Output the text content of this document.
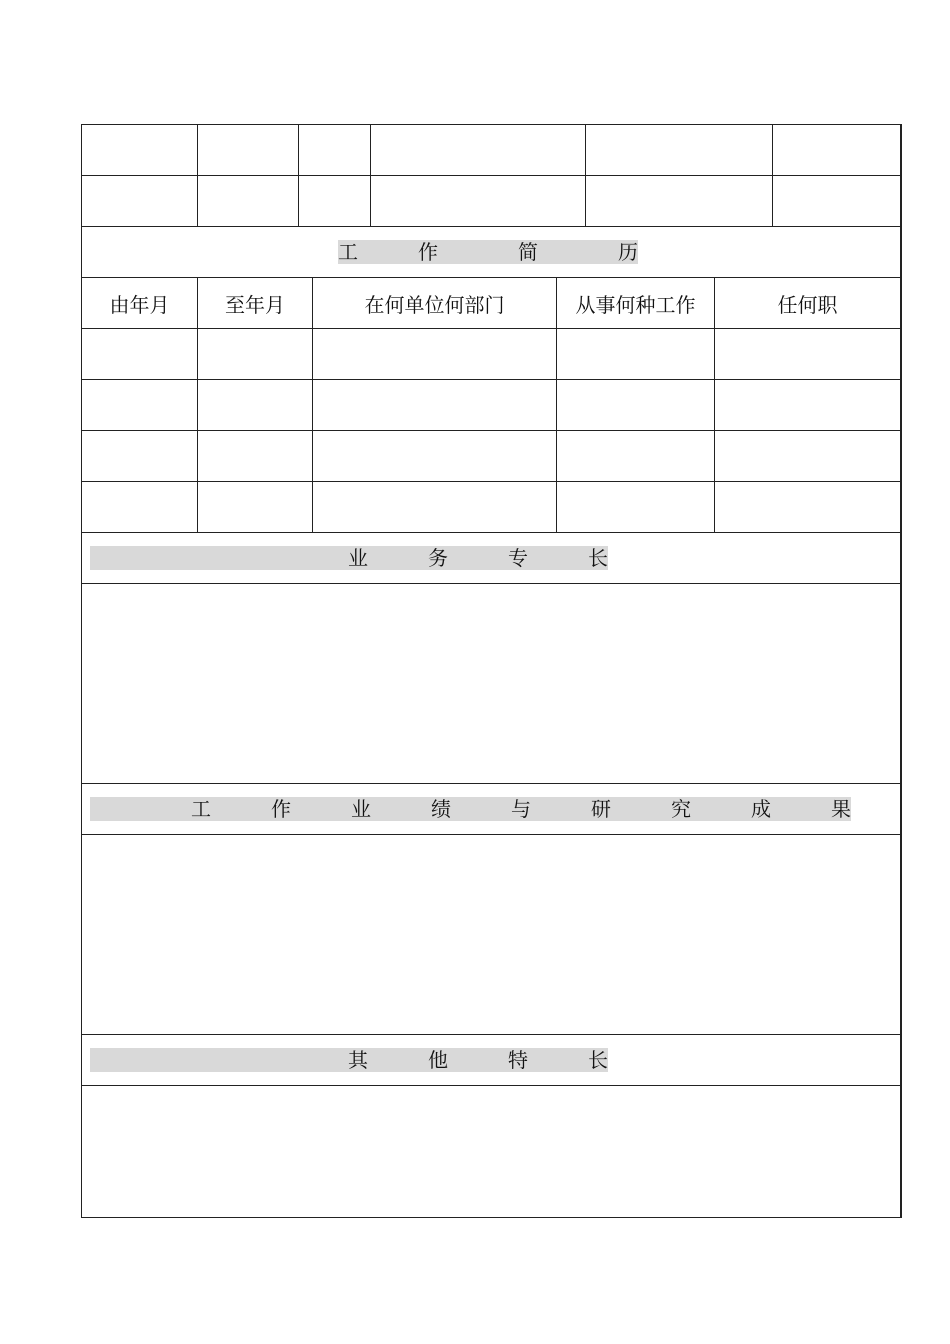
工　　　作　　　　简　　　　历
由年月	至年月	在何单位何部门	从事何种工作	任何职
业　　　务　　　专　　　长
工　　　作　　　业　　　绩　　　与　　　研　　　究　　　成　　　果
其　　　他　　　特　　　长
